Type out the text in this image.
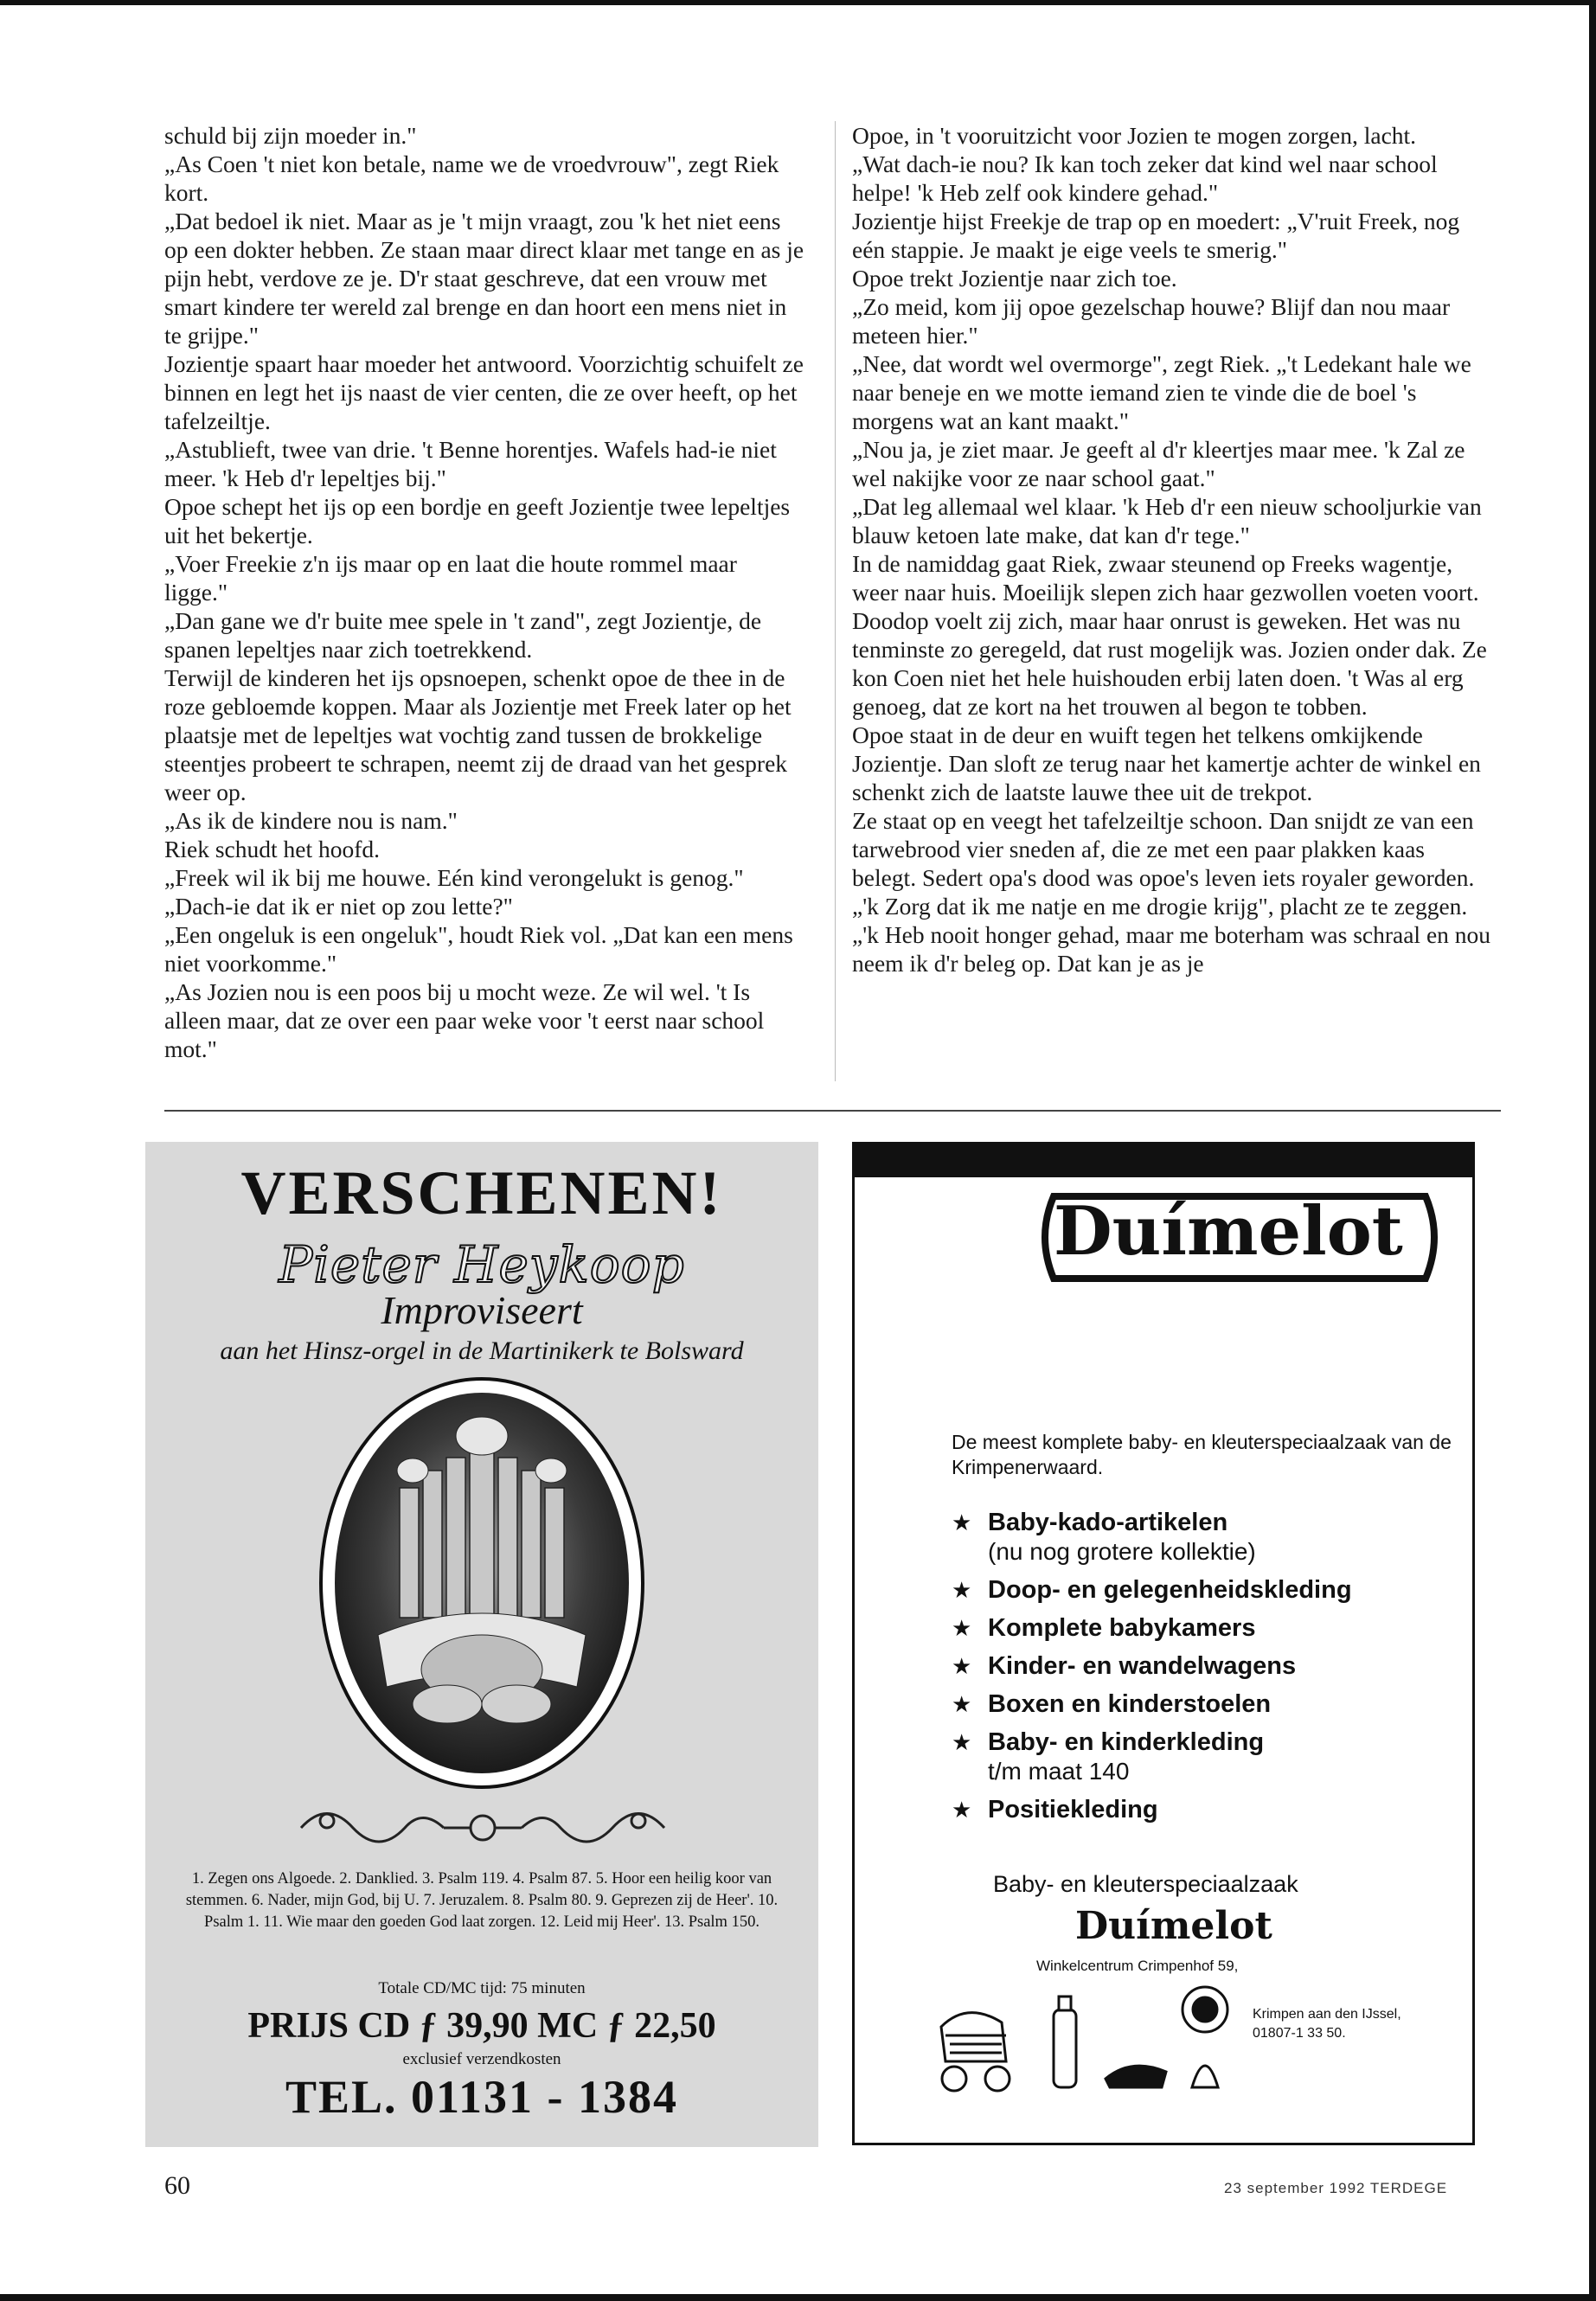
schuld bij zijn moeder in."

„As Coen 't niet kon betale, name we de vroedvrouw", zegt Riek kort.

„Dat bedoel ik niet. Maar as je 't mijn vraagt, zou 'k het niet eens op een dokter hebben. Ze staan maar direct klaar met tange en as je pijn hebt, verdove ze je. D'r staat geschreve, dat een vrouw met smart kindere ter wereld zal brenge en dan hoort een mens niet in te grijpe."

Jozientje spaart haar moeder het antwoord. Voorzichtig schuifelt ze binnen en legt het ijs naast de vier centen, die ze over heeft, op het tafelzeiltje.

„Astublieft, twee van drie. 't Benne horentjes. Wafels had-ie niet meer. 'k Heb d'r lepeltjes bij."

Opoe schept het ijs op een bordje en geeft Jozientje twee lepeltjes uit het bekertje.

„Voer Freekie z'n ijs maar op en laat die houte rommel maar ligge."

„Dan gane we d'r buite mee spele in 't zand", zegt Jozientje, de spanen lepeltjes naar zich toetrekkend.

Terwijl de kinderen het ijs opsnoepen, schenkt opoe de thee in de roze gebloemde koppen. Maar als Jozientje met Freek later op het plaatsje met de lepeltjes wat vochtig zand tussen de brokkelige steentjes probeert te schrapen, neemt zij de draad van het gesprek weer op.

„As ik de kindere nou is nam."

Riek schudt het hoofd.

„Freek wil ik bij me houwe. Eén kind verongelukt is genog."

„Dach-ie dat ik er niet op zou lette?"

„Een ongeluk is een ongeluk", houdt Riek vol. „Dat kan een mens niet voorkomme."

„As Jozien nou is een poos bij u mocht weze. Ze wil wel. 't Is alleen maar, dat ze over een paar weke voor 't eerst naar school mot."

Opoe, in 't vooruitzicht voor Jozien te mogen zorgen, lacht.

„Wat dach-ie nou? Ik kan toch zeker dat kind wel naar school helpe! 'k Heb zelf ook kindere gehad."

Jozientje hijst Freekje de trap op en moedert: „V'ruit Freek, nog eén stappie. Je maakt je eige veels te smerig."

Opoe trekt Jozientje naar zich toe.

„Zo meid, kom jij opoe gezelschap houwe? Blijf dan nou maar meteen hier."

„Nee, dat wordt wel overmorge", zegt Riek. „'t Ledekant hale we naar beneje en we motte iemand zien te vinde die de boel 's morgens wat an kant maakt."

„Nou ja, je ziet maar. Je geeft al d'r kleertjes maar mee. 'k Zal ze wel nakijke voor ze naar school gaat."

„Dat leg allemaal wel klaar. 'k Heb d'r een nieuw schooljurkie van blauw ketoen late make, dat kan d'r tege."

In de namiddag gaat Riek, zwaar steunend op Freeks wagentje, weer naar huis. Moeilijk slepen zich haar gezwollen voeten voort. Doodop voelt zij zich, maar haar onrust is geweken. Het was nu tenminste zo geregeld, dat rust mogelijk was. Jozien onder dak. Ze kon Coen niet het hele huishouden erbij laten doen. 't Was al erg genoeg, dat ze kort na het trouwen al begon te tobben.

Opoe staat in de deur en wuift tegen het telkens omkijkende Jozientje. Dan sloft ze terug naar het kamertje achter de winkel en schenkt zich de laatste lauwe thee uit de trekpot.

Ze staat op en veegt het tafelzeiltje schoon. Dan snijdt ze van een tarwebrood vier sneden af, die ze met een paar plakken kaas belegt. Sedert opa's dood was opoe's leven iets royaler geworden.

„'k Zorg dat ik me natje en me drogie krijg", placht ze te zeggen. „'k Heb nooit honger gehad, maar me boterham was schraal en nou neem ik d'r beleg op. Dat kan je as je

VERSCHENEN!
Pieter Heykoop
Improviseert
aan het Hinsz-orgel in de Martinikerk te Bolsward
1. Zegen ons Algoede. 2. Danklied. 3. Psalm 119. 4. Psalm 87. 5. Hoor een heilig koor van stemmen. 6. Nader, mijn God, bij U. 7. Jeruzalem. 8. Psalm 80. 9. Geprezen zij de Heer'. 10. Psalm 1. 11. Wie maar den goeden God laat zorgen. 12. Leid mij Heer'. 13. Psalm 150.
Totale CD/MC tijd: 75 minuten
PRIJS CD ƒ 39,90 MC ƒ 22,50
exclusief verzendkosten
TEL. 01131 - 1384
Duímelot
De meest komplete baby- en kleuterspeciaalzaak van de Krimpenerwaard.
★ Baby-kado-artikelen
(nu nog grotere kollektie)
★ Doop- en gelegenheidskleding
★ Komplete babykamers
★ Kinder- en wandelwagens
★ Boxen en kinderstoelen
★ Baby- en kinderkleding
t/m maat 140
★ Positiekleding
Baby- en kleuterspeciaalzaak
Duímelot
Winkelcentrum Crimpenhof 59,
Krimpen aan den IJssel,
01807-1 33 50.
60	23 september 1992 TERDEGE
